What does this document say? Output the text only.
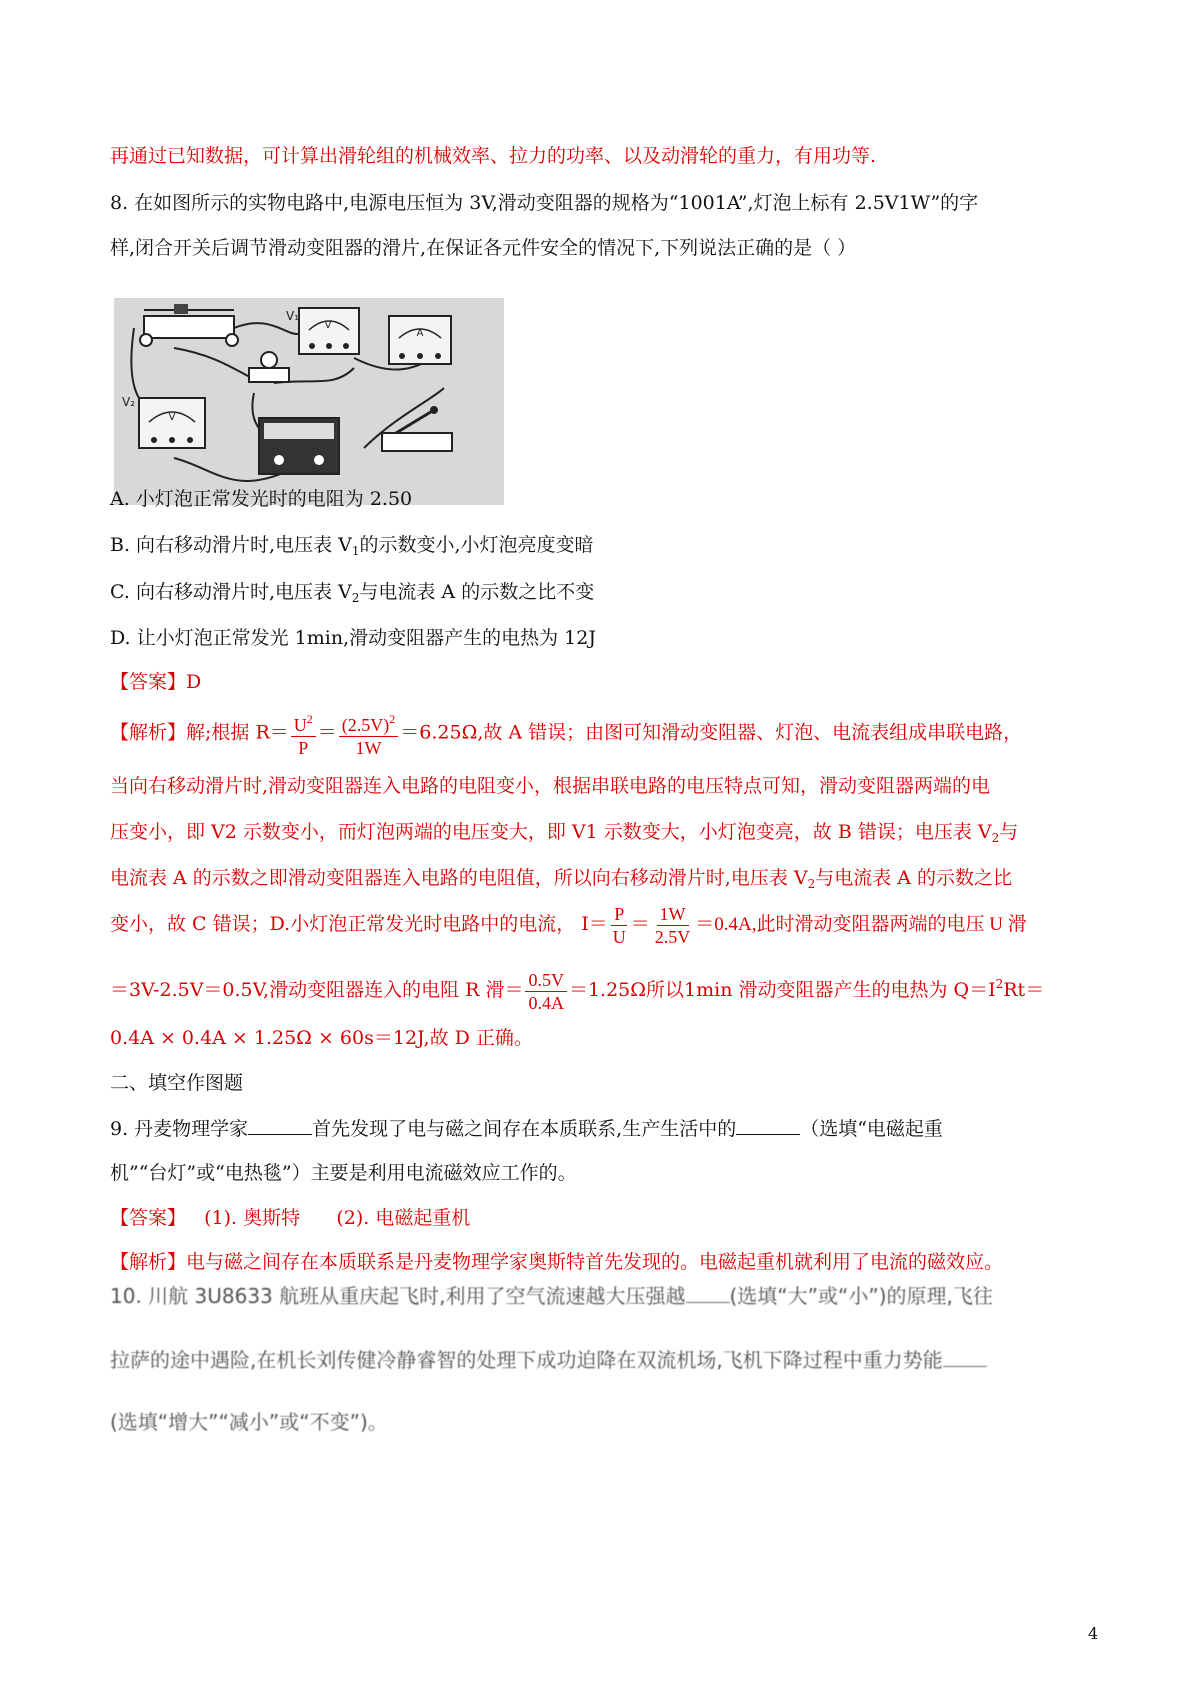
再通过已知数据，可计算出滑轮组的机械效率、拉力的功率、以及动滑轮的重力，有用功等.
8. 在如图所示的实物电路中,电源电压恒为 3V,滑动变阻器的规格为“1001A”,灯泡上标有 2.5V1W”的字
样,闭合开关后调节滑动变阻器的滑片,在保证各元件安全的情况下,下列说法正确的是（ ）
V
V₁
A
V
V₂
A. 小灯泡正常发光时的电阻为 2.50
B. 向右移动滑片时,电压表 $V_1$的示数变小,小灯泡亮度变暗
C. 向右移动滑片时,电压表 $V_2$与电流表 A 的示数之比不变
D. 让小灯泡正常发光 1min,滑动变阻器产生的电热为 12J
【答案】D
【解析】解;根据 $R= \frac{U^2}{P} = \frac{(2.5V)^2}{1W} =6.25\Omega$,故 A 错误；由图可知滑动变阻器、灯泡、电流表组成串联电路，
当向右移动滑片时,滑动变阻器连入电路的电阻变小，根据串联电路的电压特点可知，滑动变阻器两端的电
压变小，即 V2 示数变小，而灯泡两端的电压变大，即 V1 示数变大，小灯泡变亮，故 B 错误；电压表 $V_2$与
电流表 A 的示数之即滑动变阻器连入电路的电阻值，所以向右移动滑片时,电压表 $V_2$与电流表 A 的示数之比
变小，故 C 错误；D.小灯泡正常发光时电路中的电流， $I= \frac{P}{U} = \frac{1W}{2.5V} =0.4A$,此时滑动变阻器两端的电压 U 滑
＝3V-2.5V＝0.5V,滑动变阻器连入的电阻 R 滑＝ $\frac{0.5V}{0.4A} =1.25\Omega$所以1min 滑动变阻器产生的电热为 $Q=I^2Rt=$
0.4A × 0.4A × 1.25Ω × 60s＝12J,故 D 正确。
二、填空作图题
9. 丹麦物理学家	首先发现了电与磁之间存在本质联系,生产生活中的	（选填“电磁起重
机”“台灯”或“电热毯”）主要是利用电流磁效应工作的。
【答案】   (1). 奥斯特      (2). 电磁起重机
【解析】电与磁之间存在本质联系是丹麦物理学家奥斯特首先发现的。电磁起重机就利用了电流的磁效应。
10. 川航 3U8633 航班从重庆起飞时,利用了空气流速越大压强越 (选填“大”或“小”)的原理,飞往
拉萨的途中遇险,在机长刘传健冷静睿智的处理下成功迫降在双流机场,飞机下降过程中重力势能
(选填“增大”“减小”或“不变”)。
4
